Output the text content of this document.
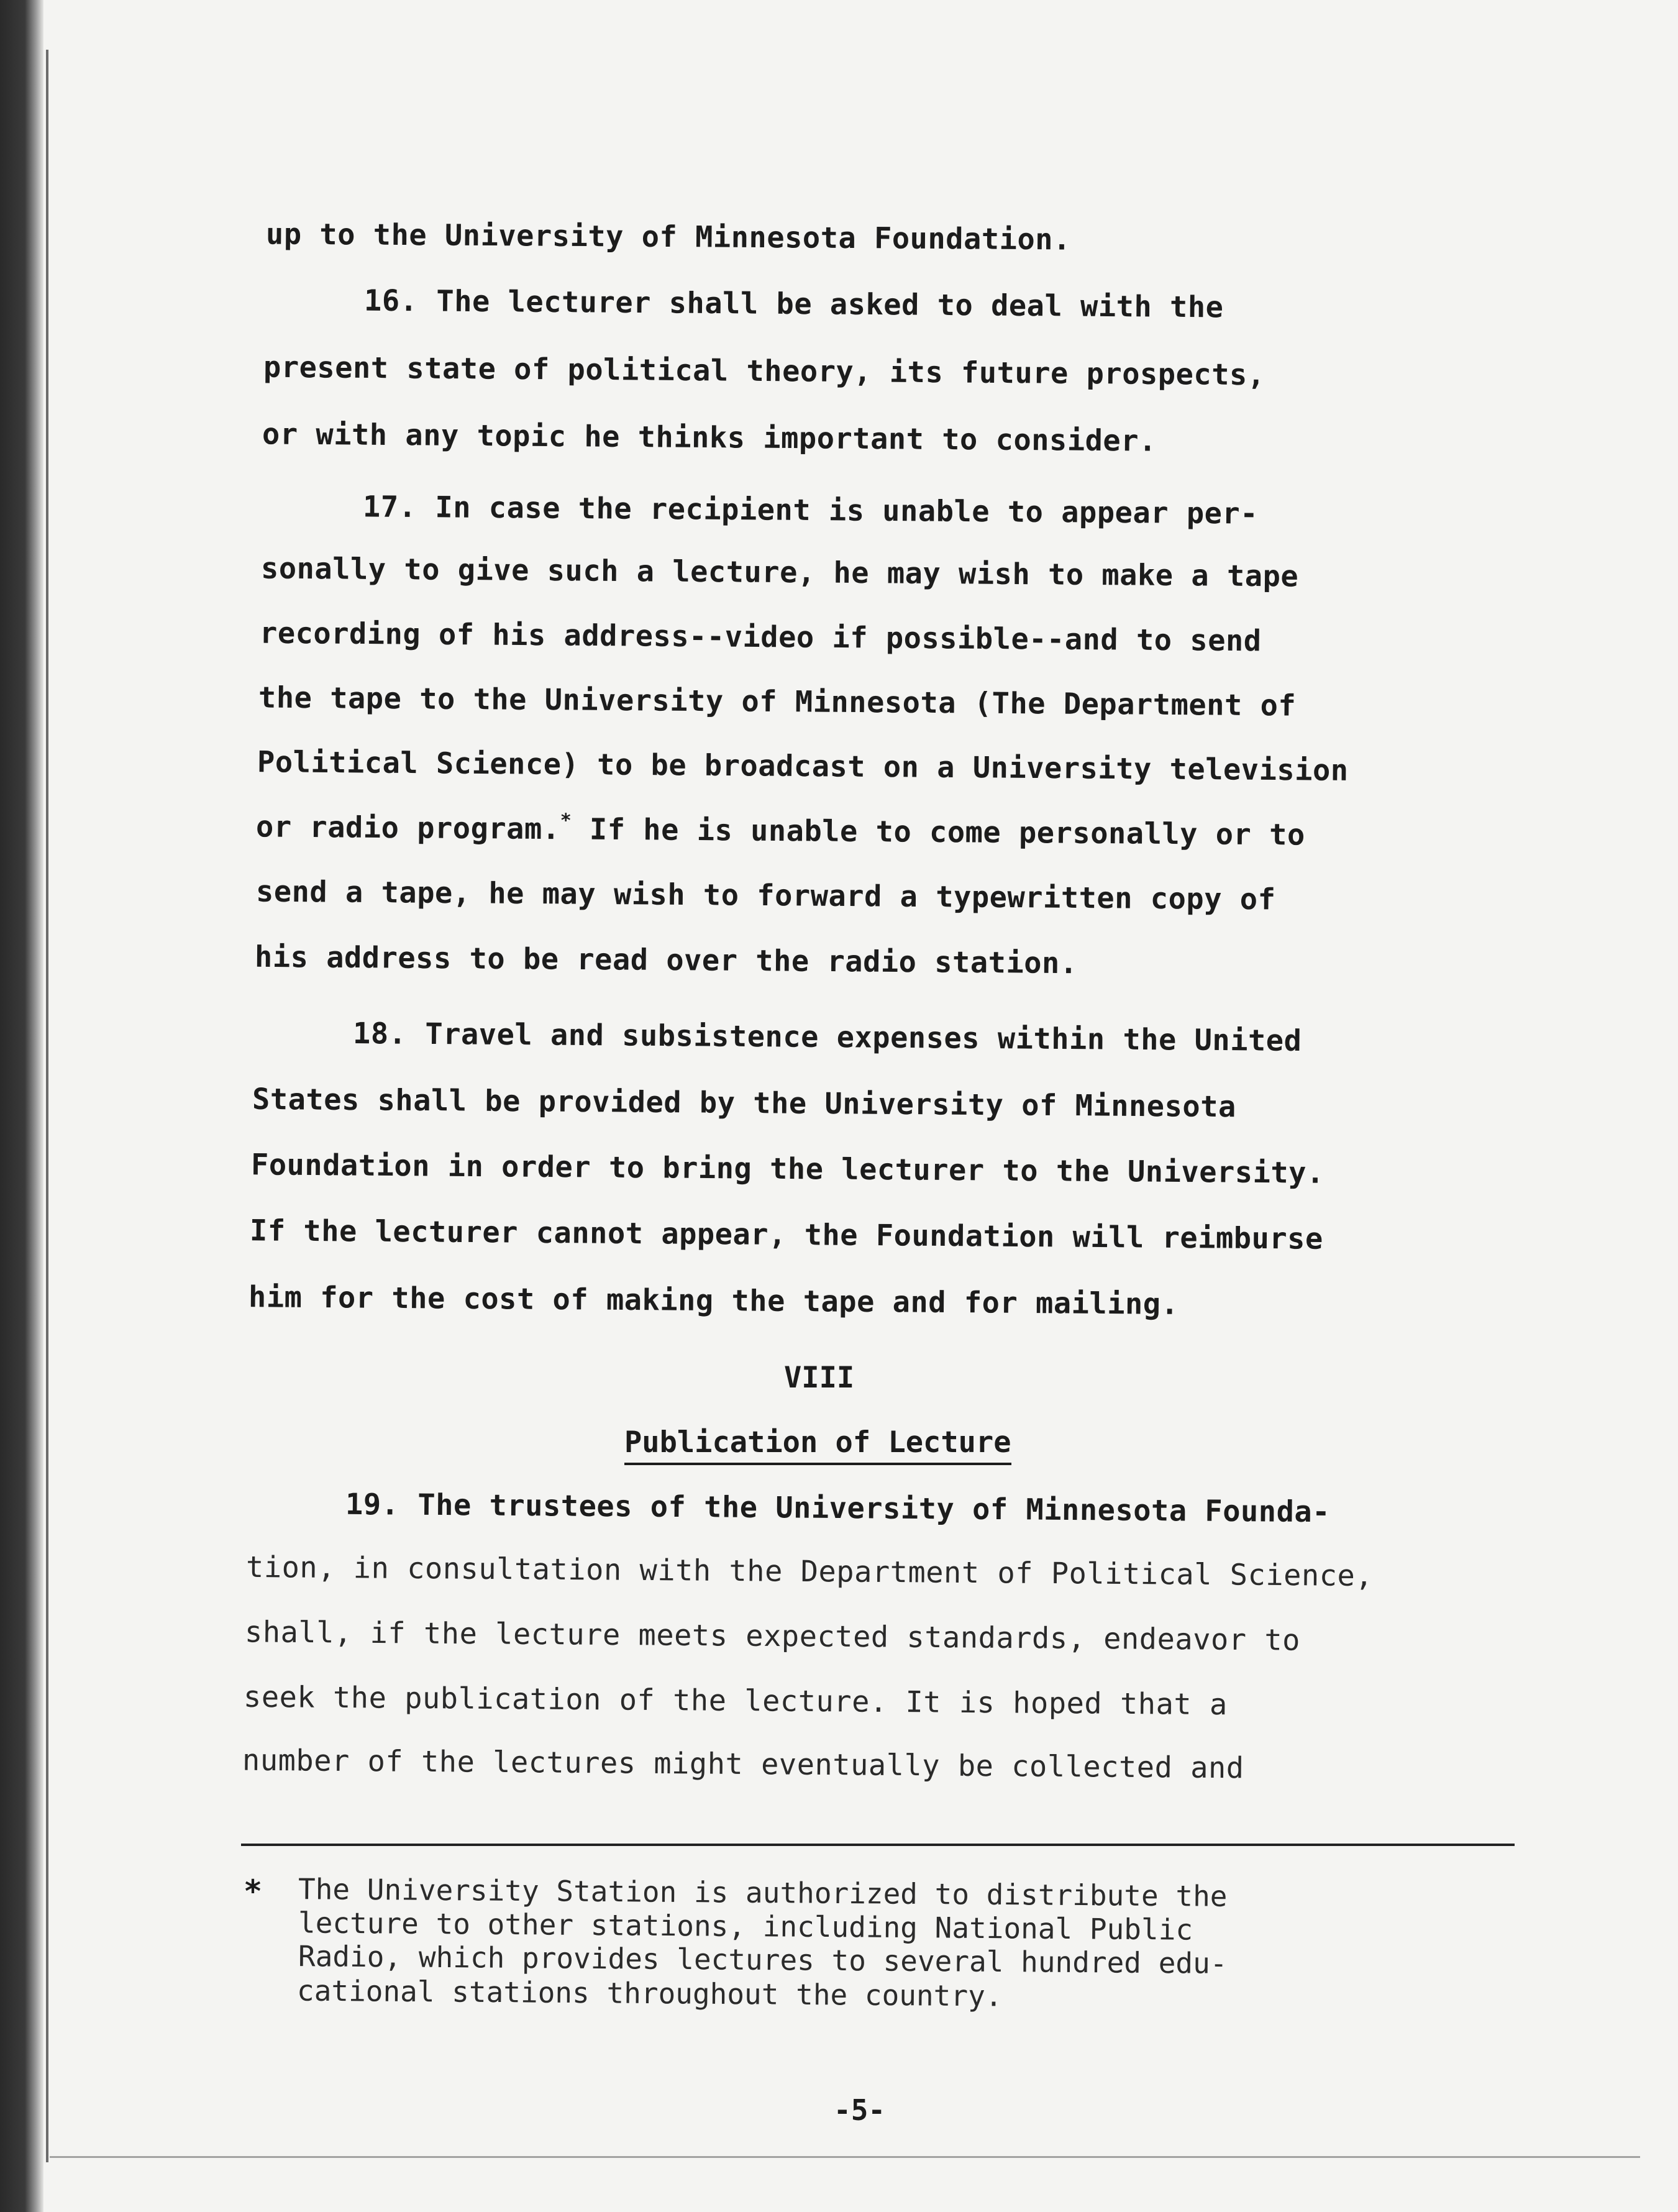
up to the University of Minnesota Foundation.
16. The lecturer shall be asked to deal with the
present state of political theory, its future prospects,
or with any topic he thinks important to consider.
17. In case the recipient is unable to appear per-
sonally to give such a lecture, he may wish to make a tape
recording of his address--video if possible--and to send
the tape to the University of Minnesota (The Department of
Political Science) to be broadcast on a University television
or radio program.* If he is unable to come personally or to
send a tape, he may wish to forward a typewritten copy of
his address to be read over the radio station.
18. Travel and subsistence expenses within the United
States shall be provided by the University of Minnesota
Foundation in order to bring the lecturer to the University.
If the lecturer cannot appear, the Foundation will reimburse
him for the cost of making the tape and for mailing.
VIII
Publication of Lecture
19. The trustees of the University of Minnesota Founda-
tion, in consultation with the Department of Political Science,
shall, if the lecture meets expected standards, endeavor to
seek the publication of the lecture. It is hoped that a
number of the lectures might eventually be collected and
* The University Station is authorized to distribute the
lecture to other stations, including National Public
Radio, which provides lectures to several hundred edu-
cational stations throughout the country.
-5-
